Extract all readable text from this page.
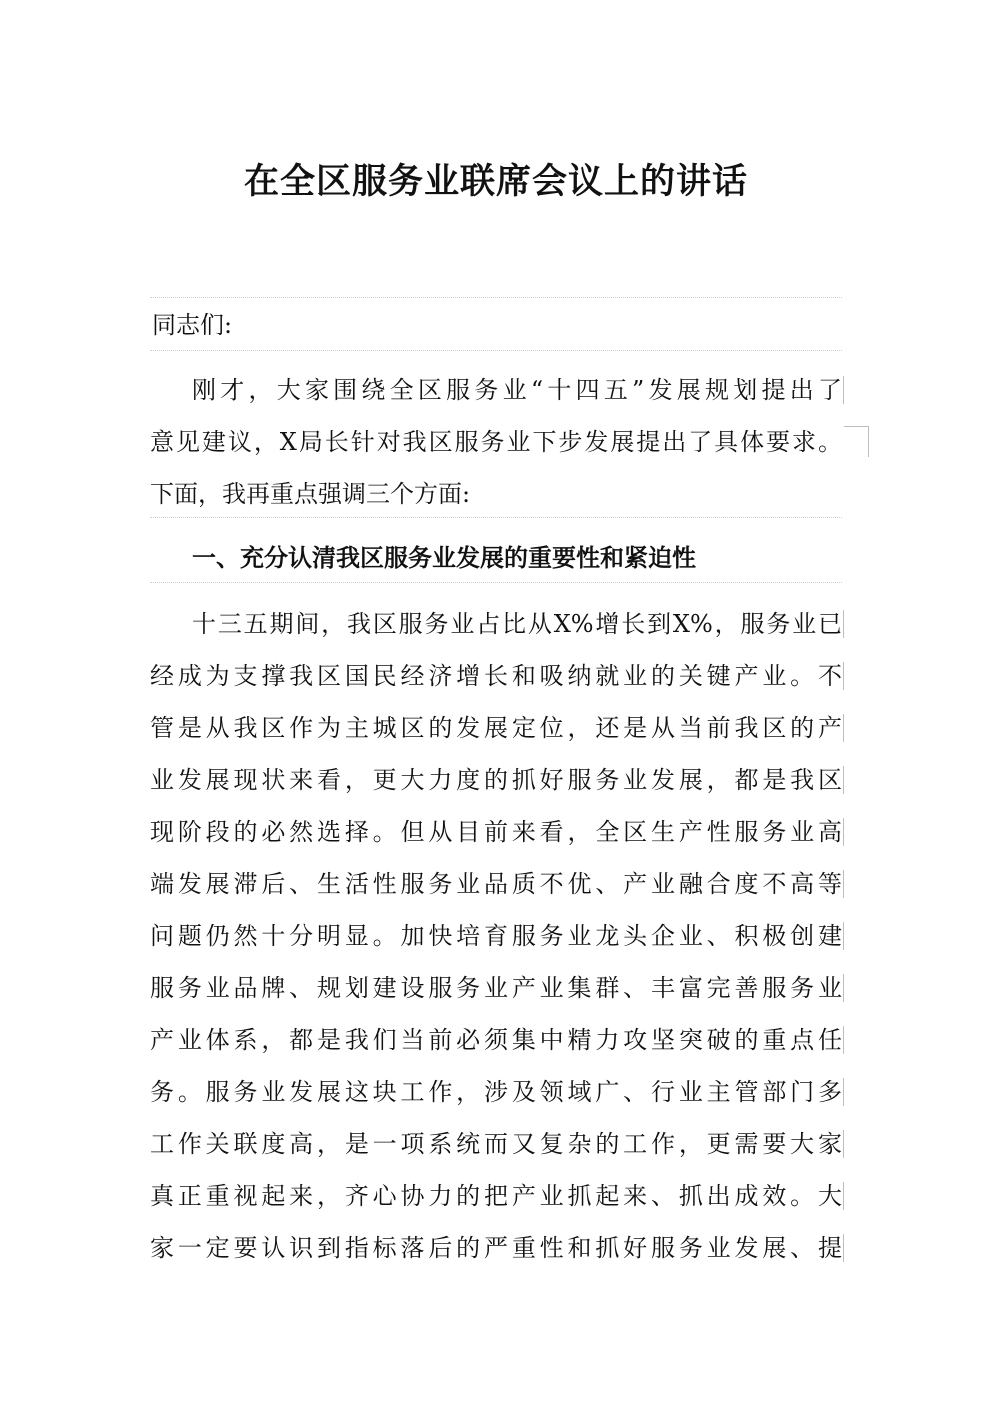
在全区服务业联席会议上的讲话
同志们:
刚才，大家围绕全区服务业“十四五”发展规划提出了
意见建议，X局长针对我区服务业下步发展提出了具体要求。
下面，我再重点强调三个方面:
一、充分认清我区服务业发展的重要性和紧迫性
十三五期间，我区服务业占比从X%增长到X%，服务业已
经成为支撑我区国民经济增长和吸纳就业的关键产业。不
管是从我区作为主城区的发展定位，还是从当前我区的产
业发展现状来看，更大力度的抓好服务业发展，都是我区
现阶段的必然选择。但从目前来看，全区生产性服务业高
端发展滞后、生活性服务业品质不优、产业融合度不高等
问题仍然十分明显。加快培育服务业龙头企业、积极创建
服务业品牌、规划建设服务业产业集群、丰富完善服务业
产业体系，都是我们当前必须集中精力攻坚突破的重点任
务。服务业发展这块工作，涉及领域广、行业主管部门多
工作关联度高，是一项系统而又复杂的工作，更需要大家
真正重视起来，齐心协力的把产业抓起来、抓出成效。大
家一定要认识到指标落后的严重性和抓好服务业发展、提
